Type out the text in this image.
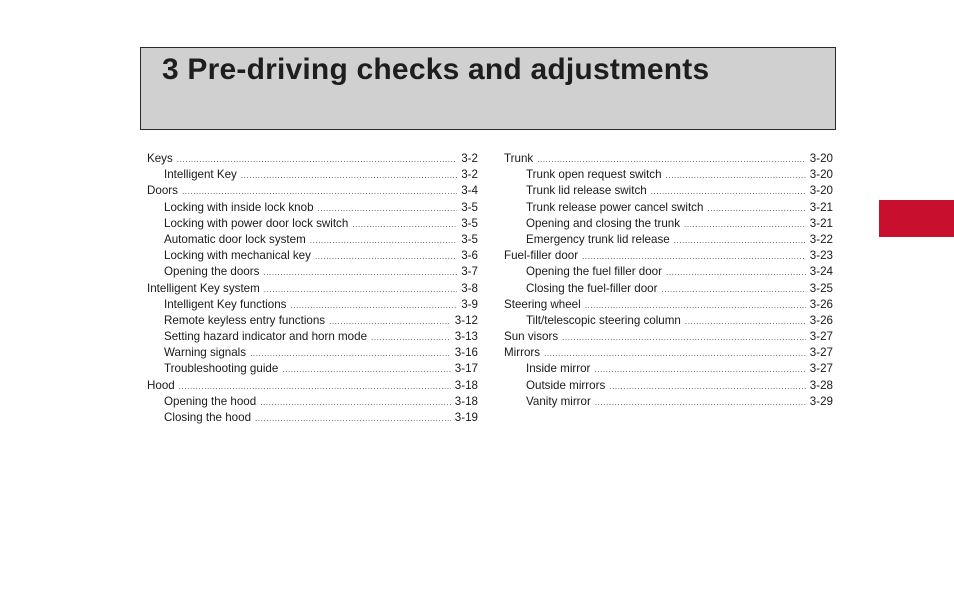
3 Pre-driving checks and adjustments
Keys .....	3-2
Intelligent Key .....	3-2
Doors .....	3-4
Locking with inside lock knob .....	3-5
Locking with power door lock switch .....	3-5
Automatic door lock system .....	3-5
Locking with mechanical key .....	3-6
Opening the doors .....	3-7
Intelligent Key system .....	3-8
Intelligent Key functions .....	3-9
Remote keyless entry functions .....	3-12
Setting hazard indicator and horn mode .....	3-13
Warning signals .....	3-16
Troubleshooting guide .....	3-17
Hood .....	3-18
Opening the hood .....	3-18
Closing the hood .....	3-19
Trunk .....	3-20
Trunk open request switch .....	3-20
Trunk lid release switch .....	3-20
Trunk release power cancel switch .....	3-21
Opening and closing the trunk .....	3-21
Emergency trunk lid release .....	3-22
Fuel-filler door .....	3-23
Opening the fuel filler door .....	3-24
Closing the fuel-filler door .....	3-25
Steering wheel .....	3-26
Tilt/telescopic steering column .....	3-26
Sun visors .....	3-27
Mirrors .....	3-27
Inside mirror .....	3-27
Outside mirrors .....	3-28
Vanity mirror .....	3-29
